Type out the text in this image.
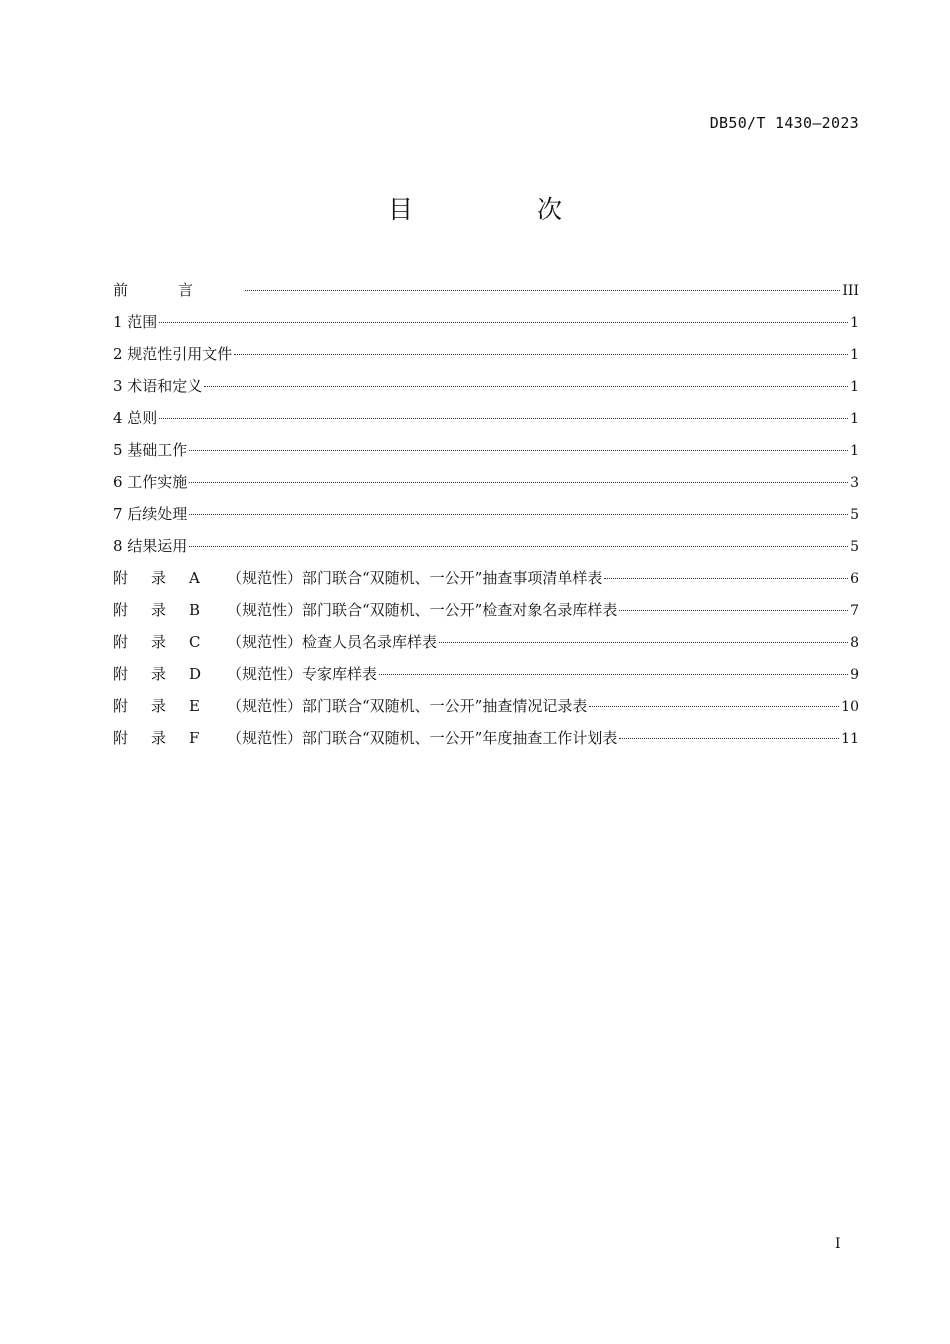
DB50/T 1430—2023
目 次
前言	III
1 范围	1
2 规范性引用文件	1
3 术语和定义	1
4 总则	1
5 基础工作	1
6 工作实施	3
7 后续处理	5
8 结果运用	5
附 录 A （规范性）部门联合“双随机、一公开”抽查事项清单样表	6
附 录 B （规范性）部门联合“双随机、一公开”检查对象名录库样表	7
附 录 C （规范性）检查人员名录库样表	8
附 录 D （规范性）专家库样表	9
附 录 E （规范性）部门联合“双随机、一公开”抽查情况记录表	10
附 录 F （规范性）部门联合“双随机、一公开”年度抽查工作计划表	11
I
